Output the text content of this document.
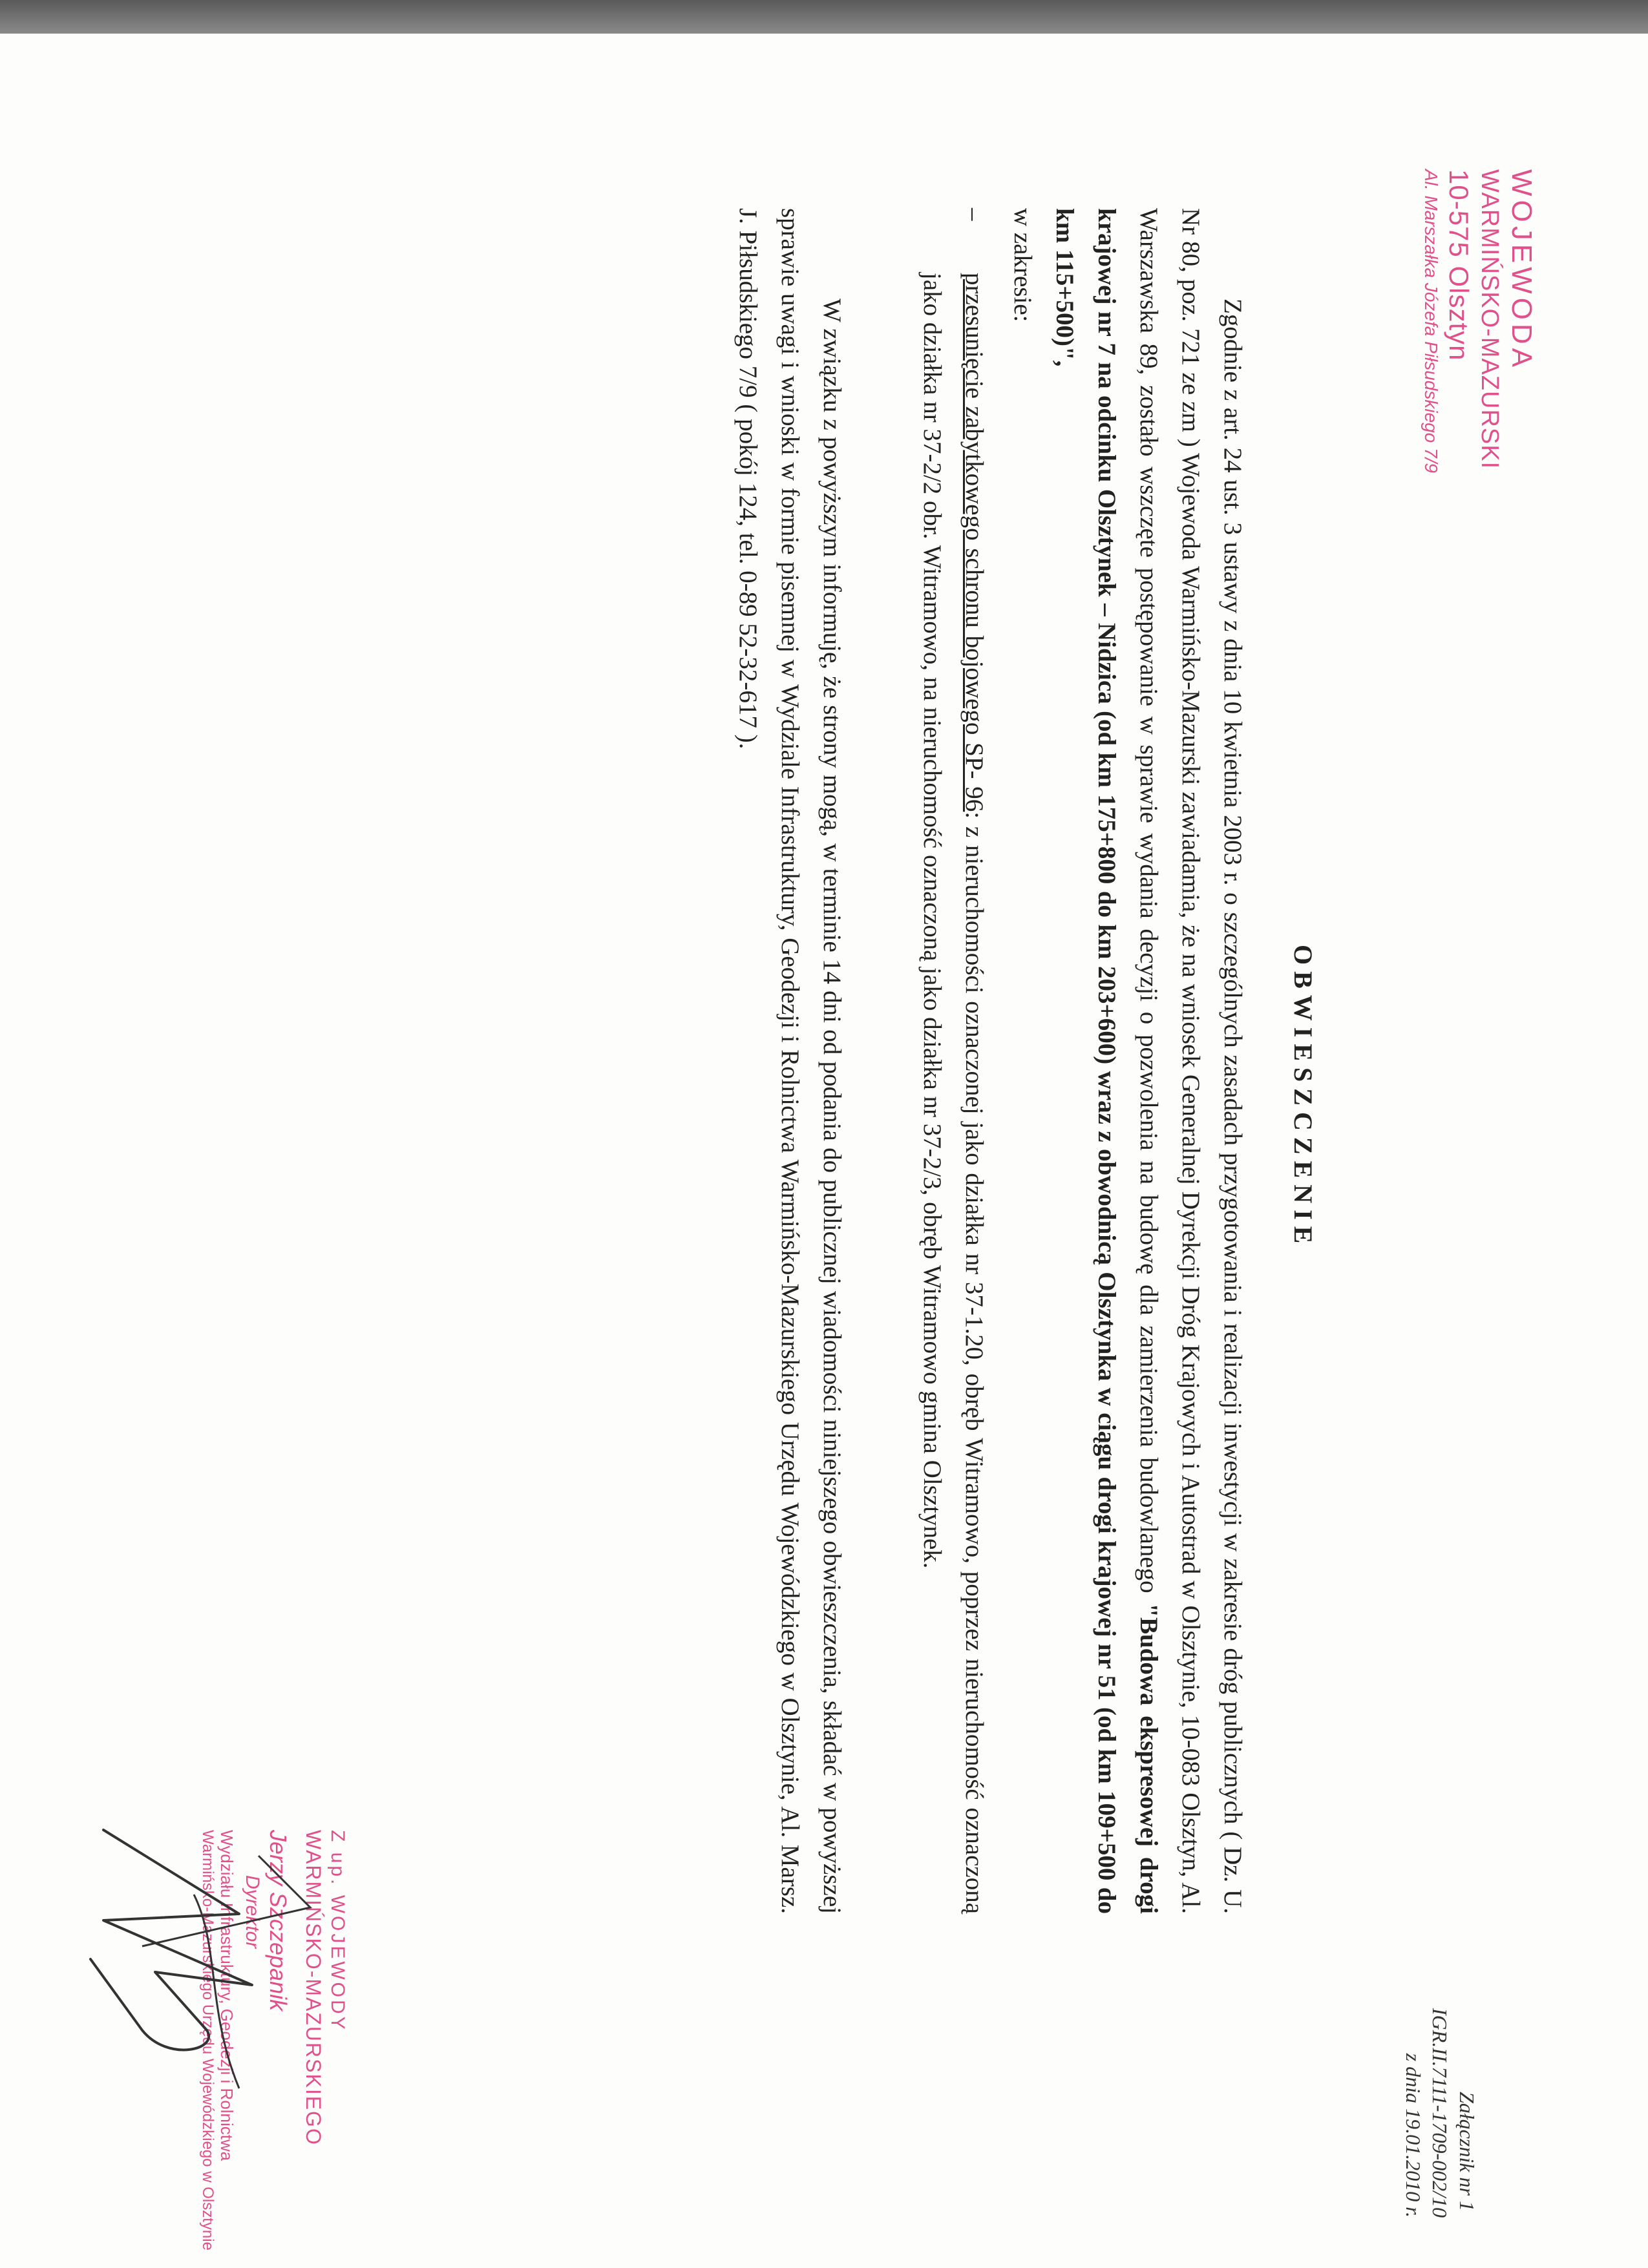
WOJEWODA
WARMIŃSKO-MAZURSKI
10-575 Olsztyn
Al. Marszałka Józefa Piłsudskiego 7/9
Załącznik nr 1
IGR.II.7111-1709-002/10
z dnia 19.01.2010 r.
OBWIESZCZENIE

Zgodnie z art. 24 ust. 3 ustawy z dnia 10 kwietnia 2003 r. o szczególnych zasadach przygotowania i realizacji inwestycji w zakresie dróg publicznych ( Dz. U. Nr 80, poz. 721 ze zm ) Wojewoda Warmińsko-Mazurski zawiadamia, że na wniosek Generalnej Dyrekcji Dróg Krajowych i Autostrad w Olsztynie, 10-083 Olsztyn, Al. Warszawska 89, zostało wszczęte postępowanie w sprawie wydania decyzji o pozwolenia na budowę dla zamierzenia budowlanego "Budowa ekspresowej drogi krajowej nr 7 na odcinku Olsztynek – Nidzica (od km 175+800 do km 203+600) wraz z obwodnicą Olsztynka w ciągu drogi krajowej nr 51 (od km 109+500 do km 115+500)",

w zakresie:

–
przesunięcie zabytkowego schronu bojowego SP- 96: z nieruchomości oznaczonej jako działka nr 37-1.20, obręb Witramowo, poprzez nieruchomość oznaczoną jako działka nr 37-2/2 obr. Witramowo, na nieruchomość oznaczoną jako działka nr 37-2/3, obręb Witramowo gmina Olsztynek.

W związku z powyższym informuję, że strony mogą, w terminie 14 dni od podania do publicznej wiadomości niniejszego obwieszczenia, składać w powyższej sprawie uwagi i wnioski w formie pisemnej w Wydziale Infrastruktury, Geodezji i Rolnictwa Warmińsko-Mazurskiego Urzędu Wojewódzkiego w Olsztynie, Al. Marsz. J. Piłsudskiego 7/9 ( pokój 124, tel. 0-89 52-32-617 ).

Z up. WOJEWODY
WARMIŃSKO-MAZURSKIEGO
Jerzy Szczepanik
Dyrektor
Wydziału Infrastruktury, Geodezji i Rolnictwa
Warmińsko-Mazurskiego Urzędu Wojewódzkiego w Olsztynie
